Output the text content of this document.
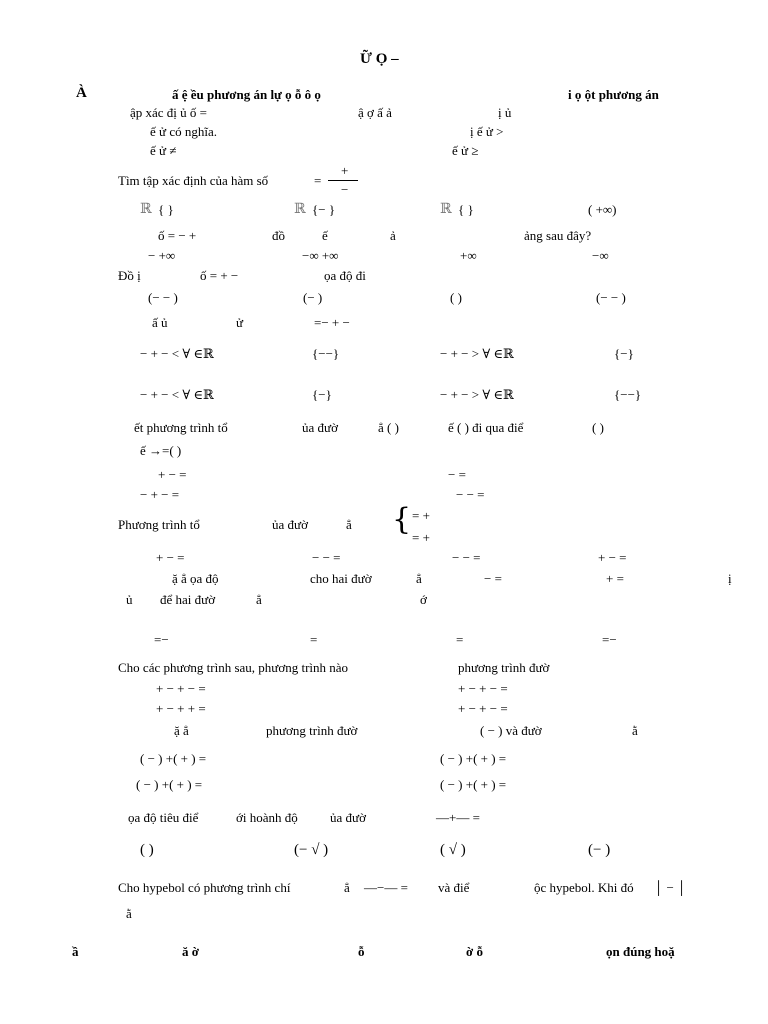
Ữ Ọ –
À	ấ ệ ều phương án lự ọ ỗ ô ọ	i ọ ột phương án
ập xác đị ủ ố =	ậ ợ ấ ả	ị ủ
ế ử có nghĩa.	ị ế ử >
ế ử ≠	ế ử ≥
Tìm tập xác định của hàm số	=
+
−
ℝ { }	ℝ {− }	ℝ { }	( +∞)
ố = − +	đồ	ế	ả	ảng sau đây?
− +∞	−∞ +∞	+∞	−∞
Đồ ị	ố = + −	ọa độ đi
(− − )	(− )	( )	(− − )
ấ ủ	ử	=− + −
− + − < ∀ ∈ℝ	{−−}	− + − > ∀ ∈ℝ	{−}
− + − < ∀ ∈ℝ	{−}	− + − > ∀ ∈ℝ	{−−}
ết phương trình tổ	ủa đườ	ẳ ( )	ế ( ) đi qua điể	( )
ế →=( )
+ − =	− =
− + − =	− − =
Phương trình tổ	ủa đườ	ẳ { = +
= +
+ − =	− − =	− − =	+ − =
ặ ẳ ọa độ	cho hai đườ	ẳ	− =	+ =	ị
ủ để hai đườ	ẳ	ớ
=−	=	=	=−
Cho các phương trình sau, phương trình nào	phương trình đườ
+ − + − =	+ − + − =
+ − + + =	+ − + − =
ặ ẳ	phương trình đườ	( − ) và đườ	ằ
( − ) +( + ) =	( − ) +( + ) =
( − ) +( + ) =	( − ) +( + ) =
ọa độ tiêu điể	ới hoành độ ủa đườ	—+— =
( )	(− √ )	( √ )	(− )
Cho hypebol có phương trình chí	ẳ —−— = và điể	ộc hypebol. Khi đó │ − │
ằ
ầ	ă ờ	ỗ	ờ ỗ	ọn đúng hoặ
